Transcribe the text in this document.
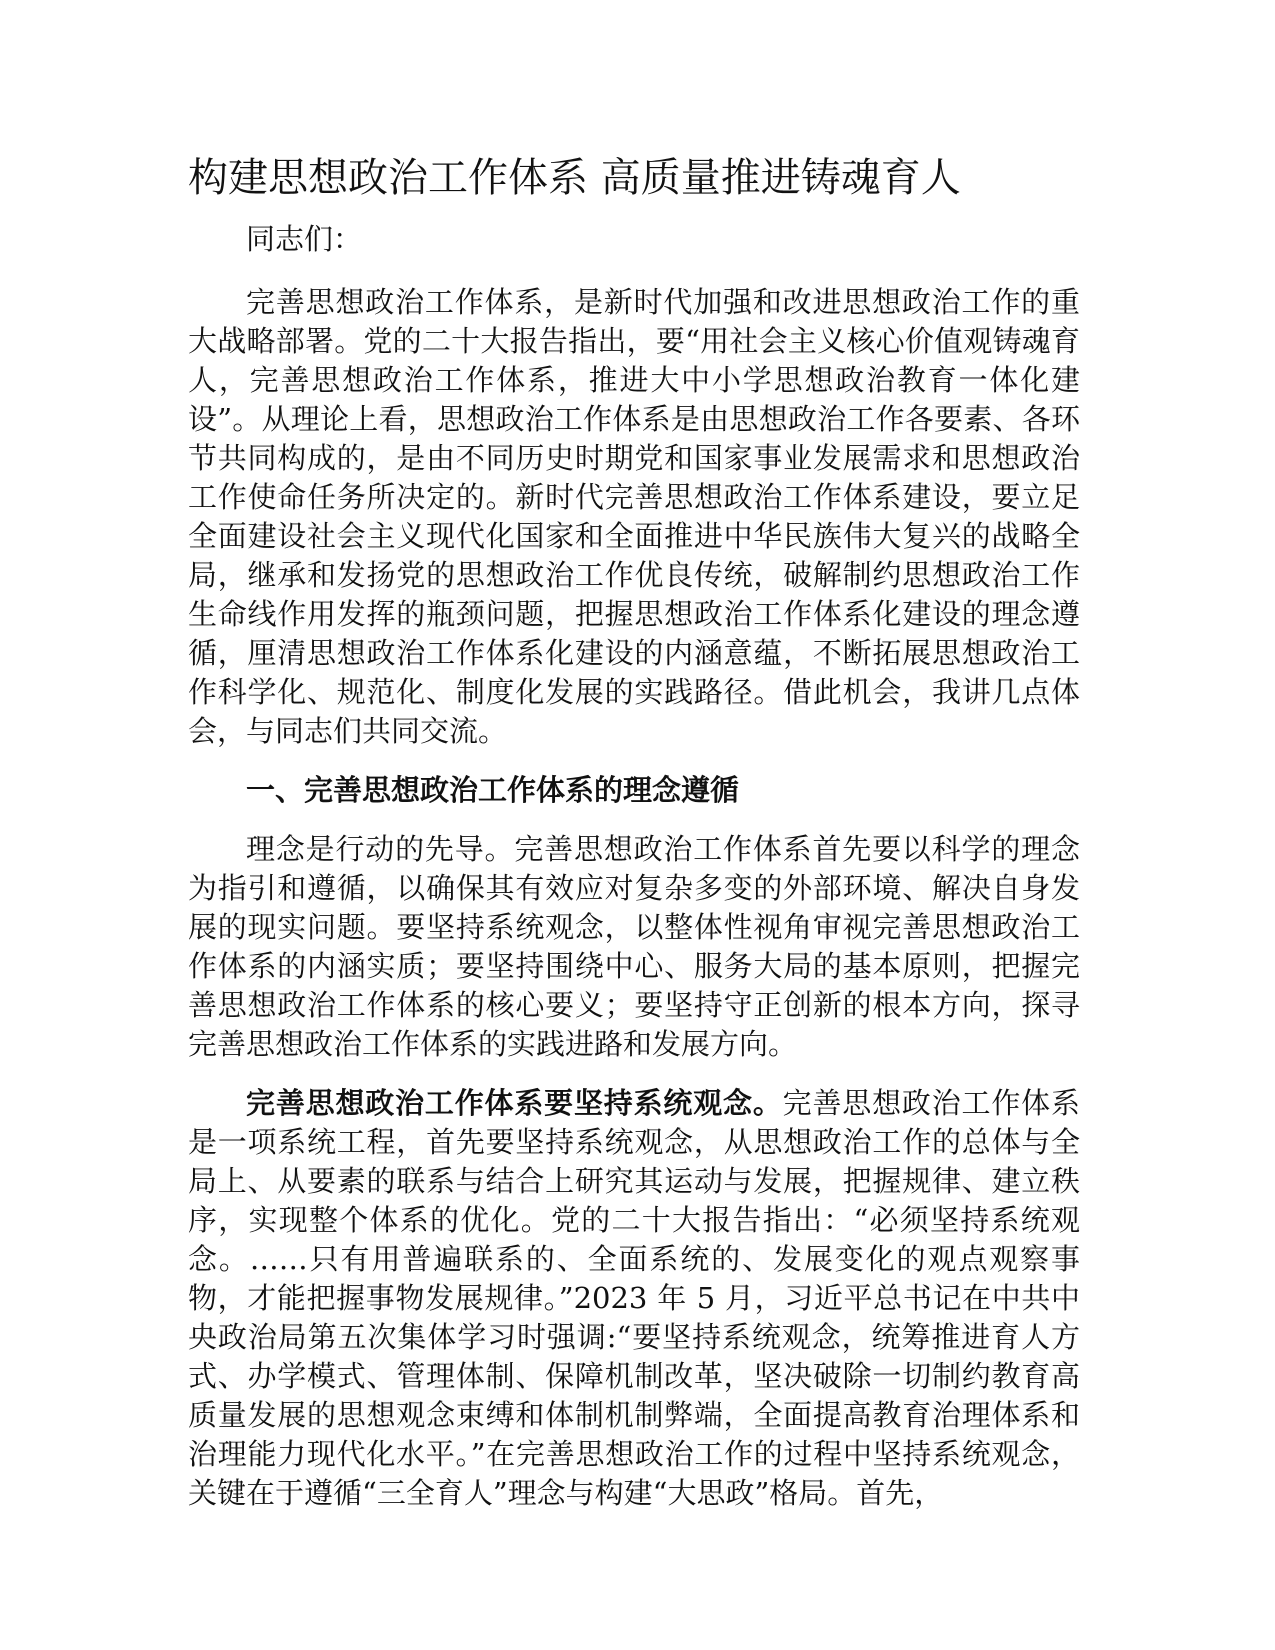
构建思想政治工作体系 高质量推进铸魂育人

同志们：

完善思想政治工作体系，是新时代加强和改进思想政治工作的重大战略部署。党的二十大报告指出，要“用社会主义核心价值观铸魂育人，完善思想政治工作体系，推进大中小学思想政治教育一体化建设”。从理论上看，思想政治工作体系是由思想政治工作各要素、各环节共同构成的，是由不同历史时期党和国家事业发展需求和思想政治工作使命任务所决定的。新时代完善思想政治工作体系建设，要立足全面建设社会主义现代化国家和全面推进中华民族伟大复兴的战略全局，继承和发扬党的思想政治工作优良传统，破解制约思想政治工作生命线作用发挥的瓶颈问题，把握思想政治工作体系化建设的理念遵循，厘清思想政治工作体系化建设的内涵意蕴，不断拓展思想政治工作科学化、规范化、制度化发展的实践路径。借此机会，我讲几点体会，与同志们共同交流。

一、完善思想政治工作体系的理念遵循

理念是行动的先导。完善思想政治工作体系首先要以科学的理念为指引和遵循，以确保其有效应对复杂多变的外部环境、解决自身发展的现实问题。要坚持系统观念，以整体性视角审视完善思想政治工作体系的内涵实质；要坚持围绕中心、服务大局的基本原则，把握完善思想政治工作体系的核心要义；要坚持守正创新的根本方向，探寻完善思想政治工作体系的实践进路和发展方向。

完善思想政治工作体系要坚持系统观念。完善思想政治工作体系是一项系统工程，首先要坚持系统观念，从思想政治工作的总体与全局上、从要素的联系与结合上研究其运动与发展，把握规律、建立秩序，实现整个体系的优化。党的二十大报告指出：“必须坚持系统观念。……只有用普遍联系的、全面系统的、发展变化的观点观察事物，才能把握事物发展规律。”2023 年 5 月，习近平总书记在中共中央政治局第五次集体学习时强调:“要坚持系统观念，统筹推进育人方式、办学模式、管理体制、保障机制改革，坚决破除一切制约教育高质量发展的思想观念束缚和体制机制弊端，全面提高教育治理体系和治理能力现代化水平。”在完善思想政治工作的过程中坚持系统观念，关键在于遵循“三全育人”理念与构建“大思政”格局。首先，
